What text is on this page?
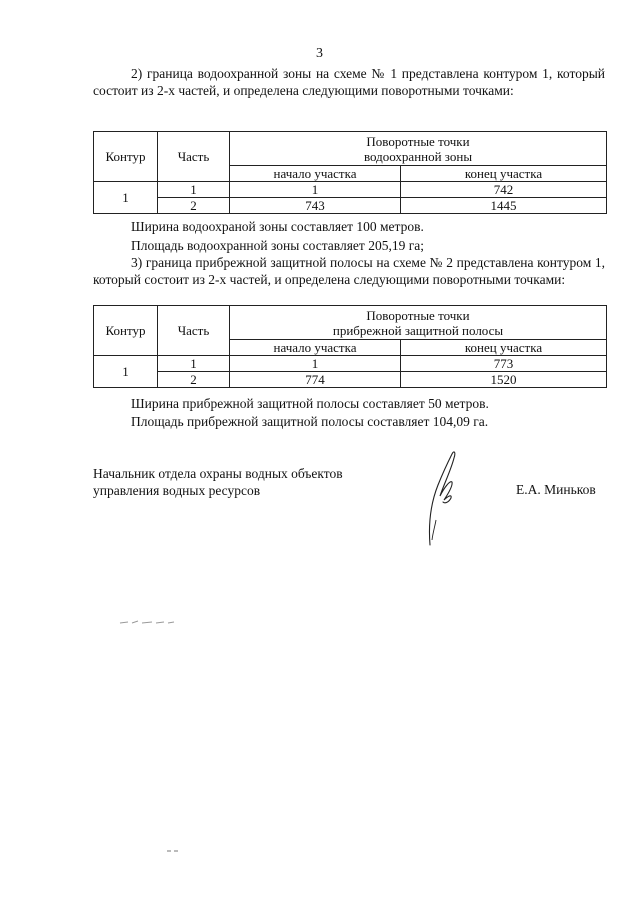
3

2) граница водоохранной зоны на схеме № 1 представлена контуром 1, который состоит из 2-х частей, и определена следующими поворотными точками:

Контур	Часть	Поворотные точки
водоохранной зоны	
		начало участка	конец участка
1	1	1	742
	2	743	1445
Ширина водоохраной зоны составляет 100 метров.
Площадь водоохранной зоны составляет 205,19 га;

3) граница прибрежной защитной полосы на схеме № 2 представлена контуром 1, который состоит из 2-х частей, и определена следующими поворотными точками:

Контур	Часть	Поворотные точки
прибрежной защитной полосы	
		начало участка	конец участка
1	1	1	773
	2	774	1520
Ширина прибрежной защитной полосы составляет 50 метров.
Площадь прибрежной защитной полосы составляет 104,09 га.
Начальник отдела охраны водных объектов
управления водных ресурсов	Е.А. Миньков
